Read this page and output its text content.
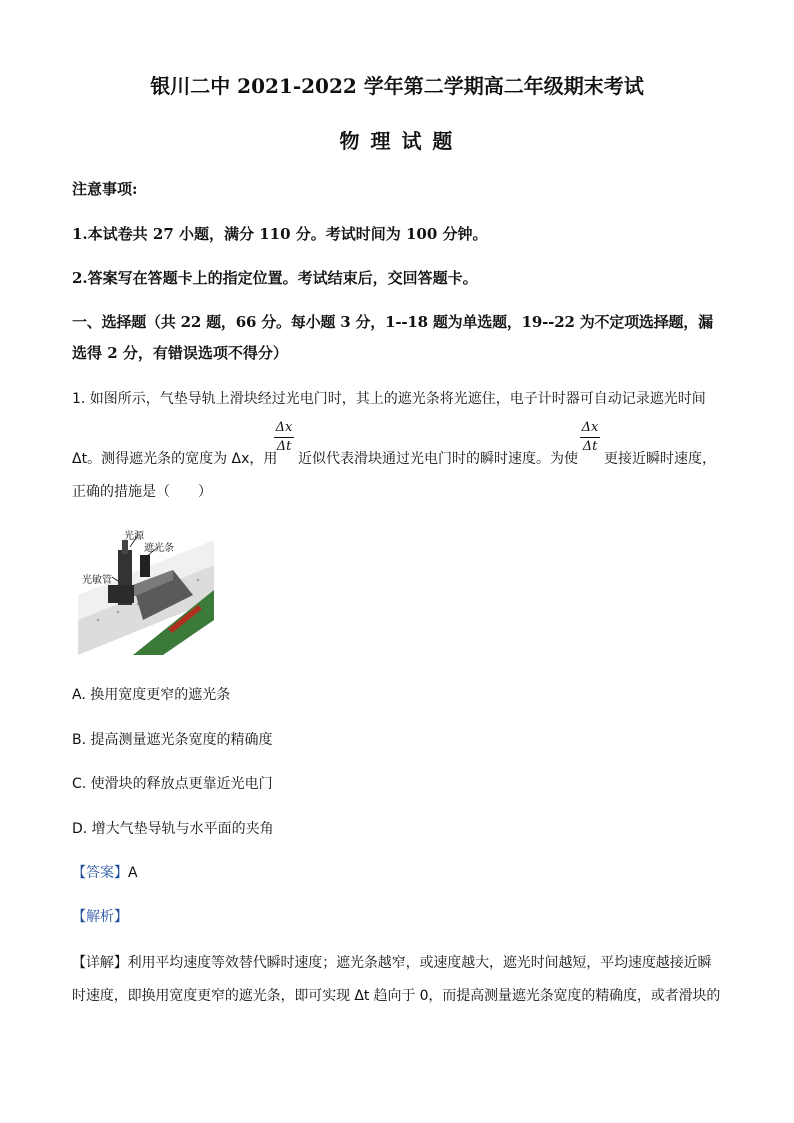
银川二中 2021-2022 学年第二学期高二年级期末考试
物 理 试 题
注意事项:
1.本试卷共 27 小题，满分 110 分。考试时间为 100 分钟。
2.答案写在答题卡上的指定位置。考试结束后，交回答题卡。
一、选择题（共 22 题，66 分。每小题 3 分，1--18 题为单选题，19--22 为不定项选择题，漏
选得 2 分，有错误选项不得分）
1. 如图所示，气垫导轨上滑块经过光电门时，其上的遮光条将光遮住，电子计时器可自动记录遮光时间
Δt。测得遮光条的宽度为 Δx，用
Δx
Δt
近似代表滑块通过光电门时的瞬时速度。为使
Δx
Δt
更接近瞬时速度，
正确的措施是（　　）
光源
遮光条
光敏管
A. 换用宽度更窄的遮光条
B. 提高测量遮光条宽度的精确度
C. 使滑块的释放点更靠近光电门
D. 增大气垫导轨与水平面的夹角
【答案】A
【解析】
【详解】利用平均速度等效替代瞬时速度；遮光条越窄，或速度越大，遮光时间越短，平均速度越接近瞬
时速度，即换用宽度更窄的遮光条，即可实现 Δt 趋向于 0，而提高测量遮光条宽度的精确度，或者滑块的
